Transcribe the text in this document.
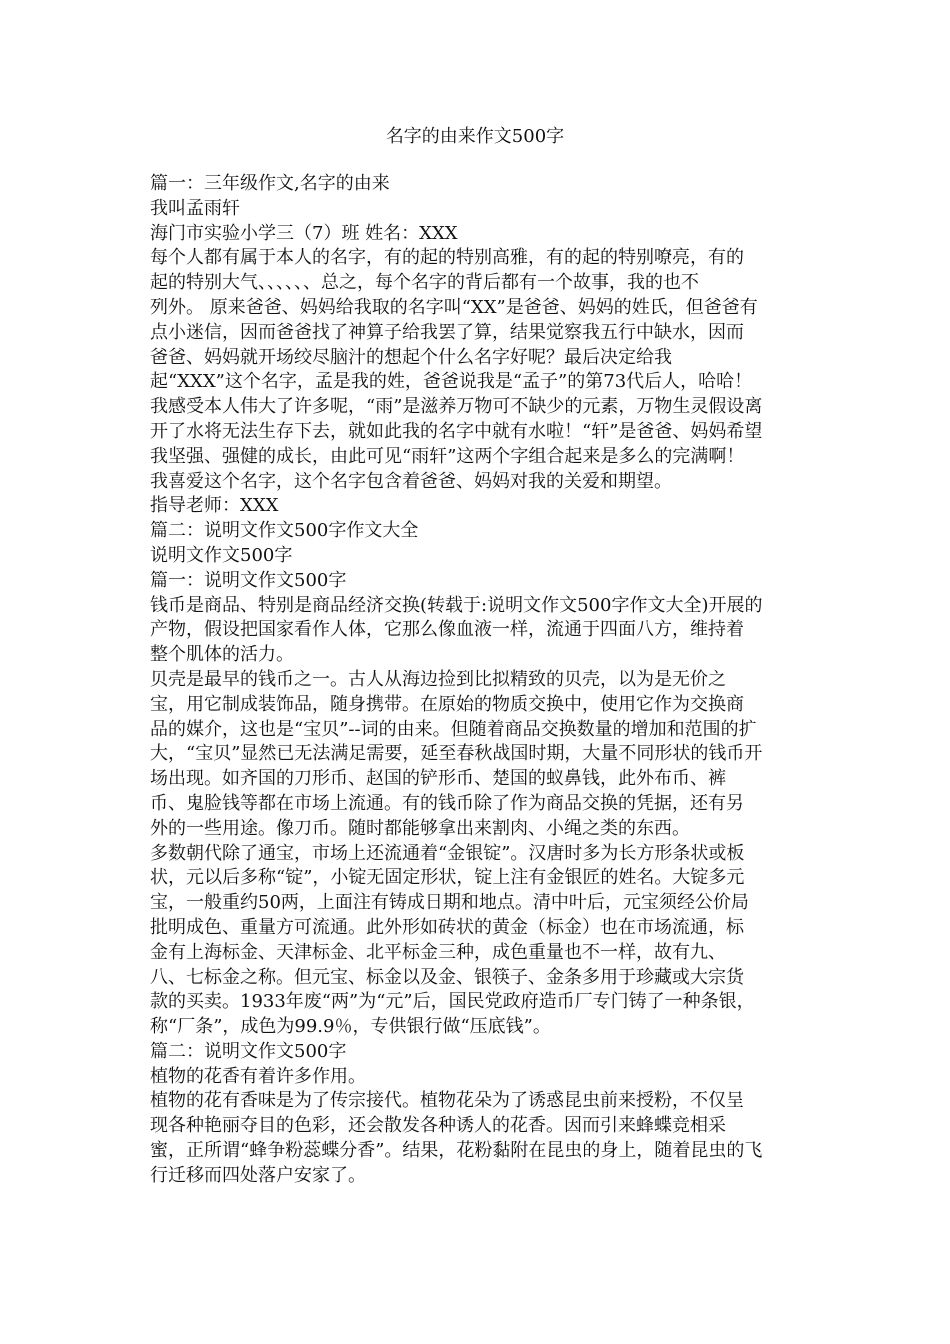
名字的由来作文500字
篇一：三年级作文,名字的由来
我叫孟雨轩
海门市实验小学三（7）班 姓名：XXX
每个人都有属于本人的名字，有的起的特别高雅，有的起的特别嘹亮，有的
起的特别大气、、、、、、总之，每个名字的背后都有一个故事，我的也不
列外。 原来爸爸、妈妈给我取的名字叫“XX”是爸爸、妈妈的姓氏，但爸爸有
点小迷信，因而爸爸找了神算子给我罢了算，结果觉察我五行中缺水，因而
爸爸、妈妈就开场绞尽脑汁的想起个什么名字好呢？最后决定给我
起“XXX”这个名字，孟是我的姓，爸爸说我是“孟子”的第73代后人，哈哈！
我感受本人伟大了许多呢，“雨”是滋养万物可不缺少的元素，万物生灵假设离
开了水将无法生存下去，就如此我的名字中就有水啦！“轩”是爸爸、妈妈希望
我坚强、强健的成长，由此可见“雨轩”这两个字组合起来是多么的完满啊！
我喜爱这个名字，这个名字包含着爸爸、妈妈对我的关爱和期望。
指导老师：XXX
篇二：说明文作文500字作文大全
说明文作文500字
篇一：说明文作文500字
钱币是商品、特别是商品经济交换(转载于:说明文作文500字作文大全)开展的
产物，假设把国家看作人体，它那么像血液一样，流通于四面八方，维持着
整个肌体的活力。
贝壳是最早的钱币之一。古人从海边捡到比拟精致的贝壳，以为是无价之
宝，用它制成装饰品，随身携带。在原始的物质交换中，使用它作为交换商
品的媒介，这也是“宝贝”--词的由来。但随着商品交换数量的增加和范围的扩
大，“宝贝”显然已无法满足需要，延至春秋战国时期，大量不同形状的钱币开
场出现。如齐国的刀形币、赵国的铲形币、楚国的蚁鼻钱，此外布币、裤
币、鬼脸钱等都在市场上流通。有的钱币除了作为商品交换的凭据，还有另
外的一些用途。像刀币。随时都能够拿出来割肉、小绳之类的东西。
多数朝代除了通宝，市场上还流通着“金银锭”。汉唐时多为长方形条状或板
状，元以后多称“锭”，小锭无固定形状，锭上注有金银匠的姓名。大锭多元
宝，一般重约50两，上面注有铸成日期和地点。清中叶后，元宝须经公价局
批明成色、重量方可流通。此外形如砖状的黄金（标金）也在市场流通，标
金有上海标金、天津标金、北平标金三种，成色重量也不一样，故有九、
八、七标金之称。但元宝、标金以及金、银筷子、金条多用于珍藏或大宗货
款的买卖。1933年废“两”为“元”后，国民党政府造币厂专门铸了一种条银，
称“厂条”，成色为99.9％，专供银行做“压底钱”。
篇二：说明文作文500字
植物的花香有着许多作用。
植物的花有香味是为了传宗接代。植物花朵为了诱惑昆虫前来授粉，不仅呈
现各种艳丽夺目的色彩，还会散发各种诱人的花香。因而引来蜂蝶竞相采
蜜，正所谓“蜂争粉蕊蝶分香”。结果，花粉黏附在昆虫的身上，随着昆虫的飞
行迁移而四处落户安家了。
